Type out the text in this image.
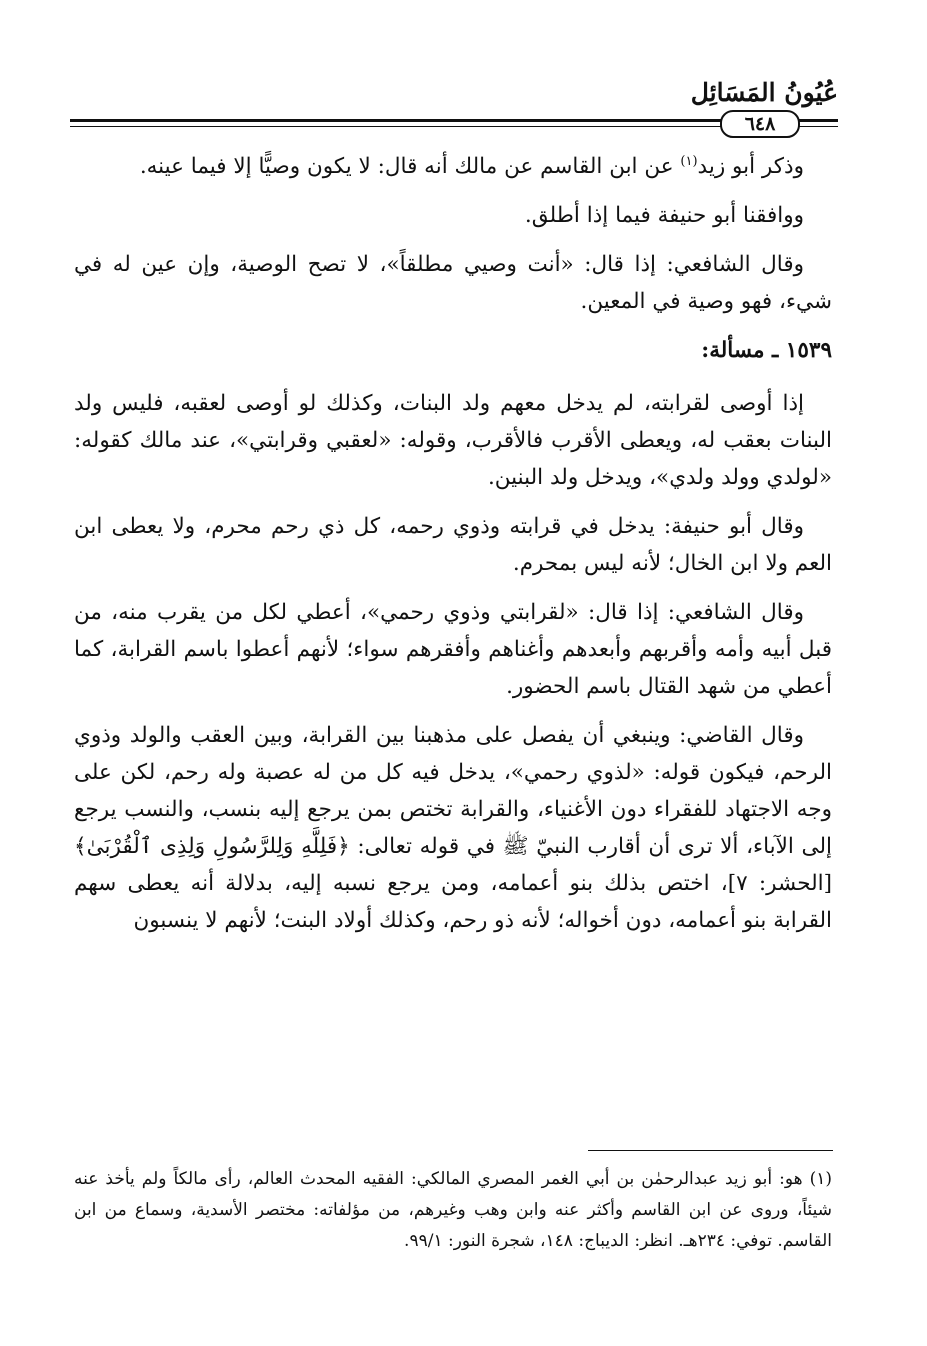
عُيُونُ المَسَائِل
٦٤٨

وذكر أبو زيد$^{(١)}$ عن ابن القاسم عن مالك أنه قال: لا يكون وصيًّا إلا فيما عينه.

ووافقنا أبو حنيفة فيما إذا أطلق.

وقال الشافعي: إذا قال: «أنت وصيي مطلقاً»، لا تصح الوصية، وإن عين له في شيء، فهو وصية في المعين.

١٥٣٩ ـ مسألة:

إذا أوصى لقرابته، لم يدخل معهم ولد البنات، وكذلك لو أوصى لعقبه، فليس ولد البنات بعقب له، ويعطى الأقرب فالأقرب، وقوله: «لعقبي وقرابتي»، عند مالك كقوله: «لولدي وولد ولدي»، ويدخل ولد البنين.

وقال أبو حنيفة: يدخل في قرابته وذوي رحمه، كل ذي رحم محرم، ولا يعطى ابن العم ولا ابن الخال؛ لأنه ليس بمحرم.

وقال الشافعي: إذا قال: «لقرابتي وذوي رحمي»، أعطي لكل من يقرب منه، من قبل أبيه وأمه وأقربهم وأبعدهم وأغناهم وأفقرهم سواء؛ لأنهم أعطوا باسم القرابة، كما أعطي من شهد القتال باسم الحضور.

وقال القاضي: وينبغي أن يفصل على مذهبنا بين القرابة، وبين العقب والولد وذوي الرحم، فيكون قوله: «لذوي رحمي»، يدخل فيه كل من له عصبة وله رحم، لكن على وجه الاجتهاد للفقراء دون الأغنياء، والقرابة تختص بمن يرجع إليه بنسب، والنسب يرجع إلى الآباء، ألا ترى أن أقارب النبيّ ﷺ في قوله تعالى: ﴿فَلِلَّهِ وَلِلرَّسُولِ وَلِذِى ٱلْقُرْبَىٰ﴾ [الحشر: ٧]، اختص بذلك بنو أعمامه، ومن يرجع نسبه إليه، بدلالة أنه يعطى سهم القرابة بنو أعمامه، دون أخواله؛ لأنه ذو رحم، وكذلك أولاد البنت؛ لأنهم لا ينسبون

(١) هو: أبو زيد عبدالرحمٰن بن أبي الغمر المصري المالكي: الفقيه المحدث العالم، رأى مالكاً ولم يأخذ عنه شيئاً، وروى عن ابن القاسم وأكثر عنه وابن وهب وغيرهم، من مؤلفاته: مختصر الأسدية، وسماع من ابن القاسم. توفي: ٢٣٤هـ. انظر: الديباج: ١٤٨، شجرة النور: ٩٩/١.
